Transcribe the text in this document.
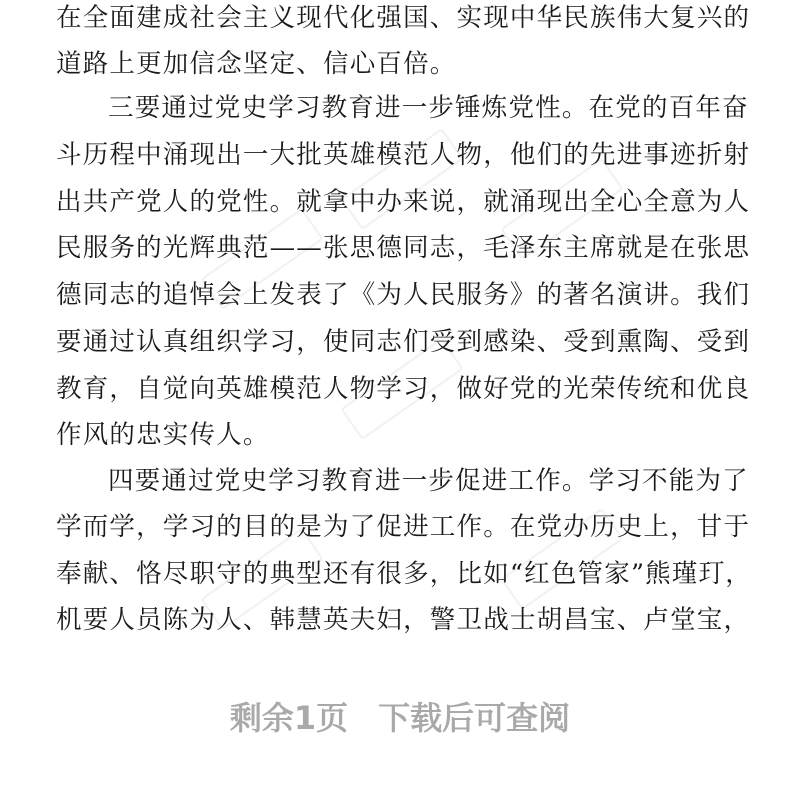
在全面建成社会主义现代化强国、实现中华民族伟大复兴的
道路上更加信念坚定、信心百倍。
三要通过党史学习教育进一步锤炼党性。在党的百年奋
斗历程中涌现出一大批英雄模范人物，他们的先进事迹折射
出共产党人的党性。就拿中办来说，就涌现出全心全意为人
民服务的光辉典范——张思德同志，毛泽东主席就是在张思
德同志的追悼会上发表了《为人民服务》的著名演讲。我们
要通过认真组织学习，使同志们受到感染、受到熏陶、受到
教育，自觉向英雄模范人物学习，做好党的光荣传统和优良
作风的忠实传人。
四要通过党史学习教育进一步促进工作。学习不能为了
学而学，学习的目的是为了促进工作。在党办历史上，甘于
奉献、恪尽职守的典型还有很多，比如“红色管家”熊瑾玎，
机要人员陈为人、韩慧英夫妇，警卫战士胡昌宝、卢堂宝，
剩余1页 下载后可查阅
